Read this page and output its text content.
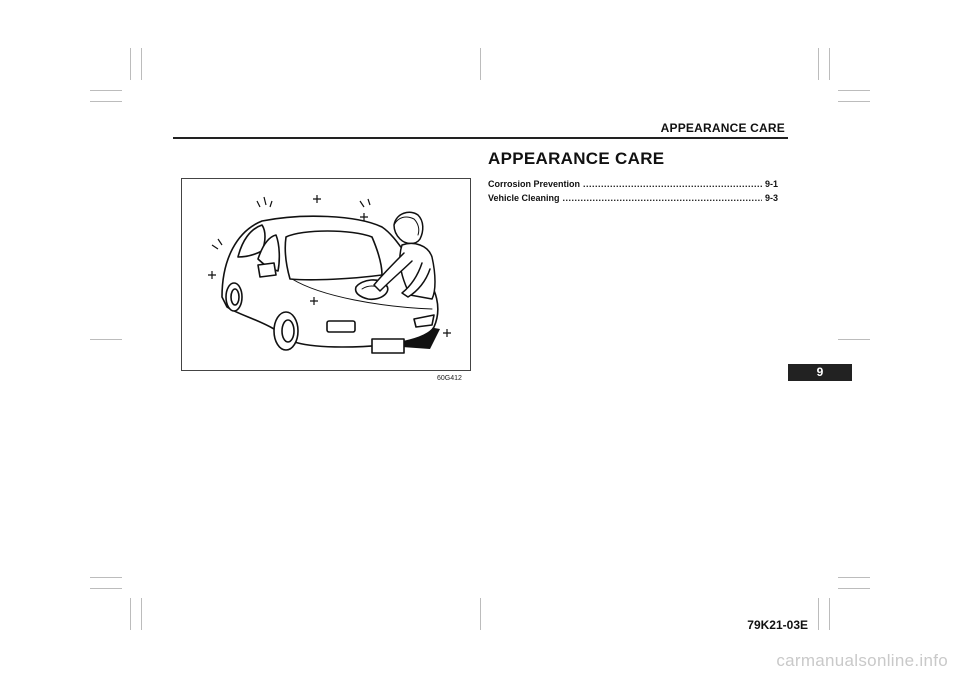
APPEARANCE CARE
9
60G412
APPEARANCE CARE
Corrosion Prevention .....	9-1
Vehicle Cleaning .....	9-3
79K21-03E
carmanualsonline.info
